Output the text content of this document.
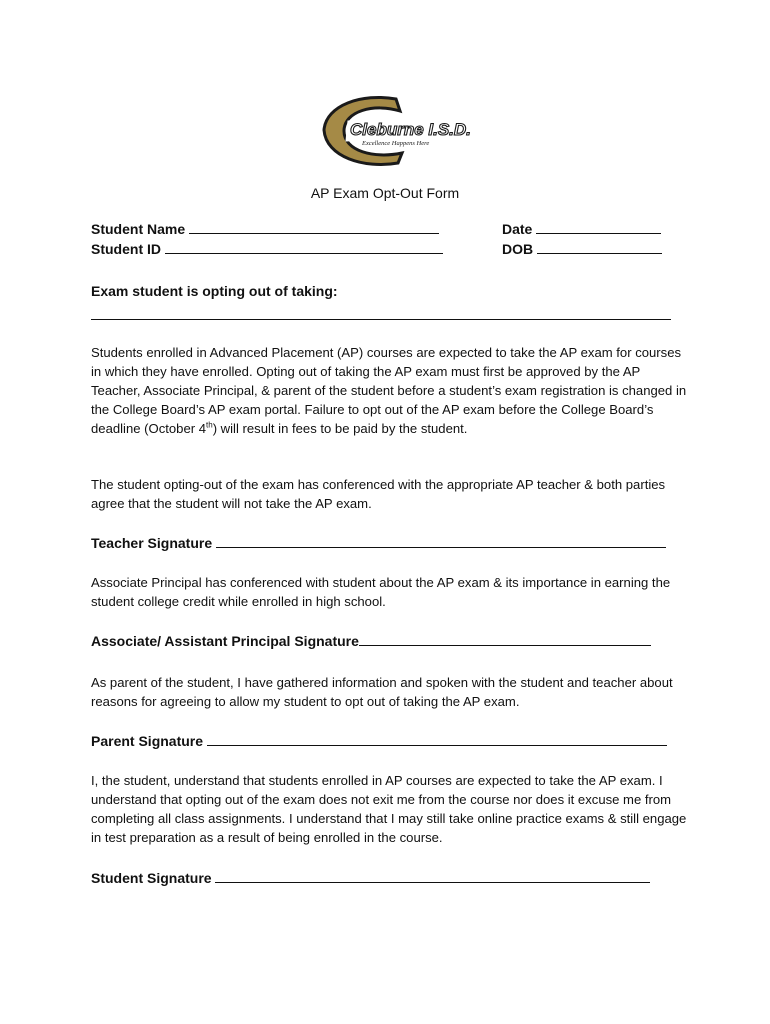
Cleburne I.S.D.
Excellence Happens Here
AP Exam Opt-Out Form
Student Name
Student ID
Date
DOB
Exam student is opting out of taking:

Students enrolled in Advanced Placement (AP) courses are expected to take the AP exam for courses in which they have enrolled. Opting out of taking the AP exam must first be approved by the AP Teacher, Associate Principal, & parent of the student before a student’s exam registration is changed in the College Board’s AP exam portal. Failure to opt out of the AP exam before the College Board’s deadline (October 4th) will result in fees to be paid by the student.

The student opting-out of the exam has conferenced with the appropriate AP teacher & both parties agree that the student will not take the AP exam.

Teacher Signature

Associate Principal has conferenced with student about the AP exam & its importance in earning the student college credit while enrolled in high school.

Associate/ Assistant Principal Signature

As parent of the student, I have gathered information and spoken with the student and teacher about reasons for agreeing to allow my student to opt out of taking the AP exam.

Parent Signature

I, the student, understand that students enrolled in AP courses are expected to take the AP exam. I understand that opting out of the exam does not exit me from the course nor does it excuse me from completing all class assignments. I understand that I may still take online practice exams & still engage in test preparation as a result of being enrolled in the course.

Student Signature
